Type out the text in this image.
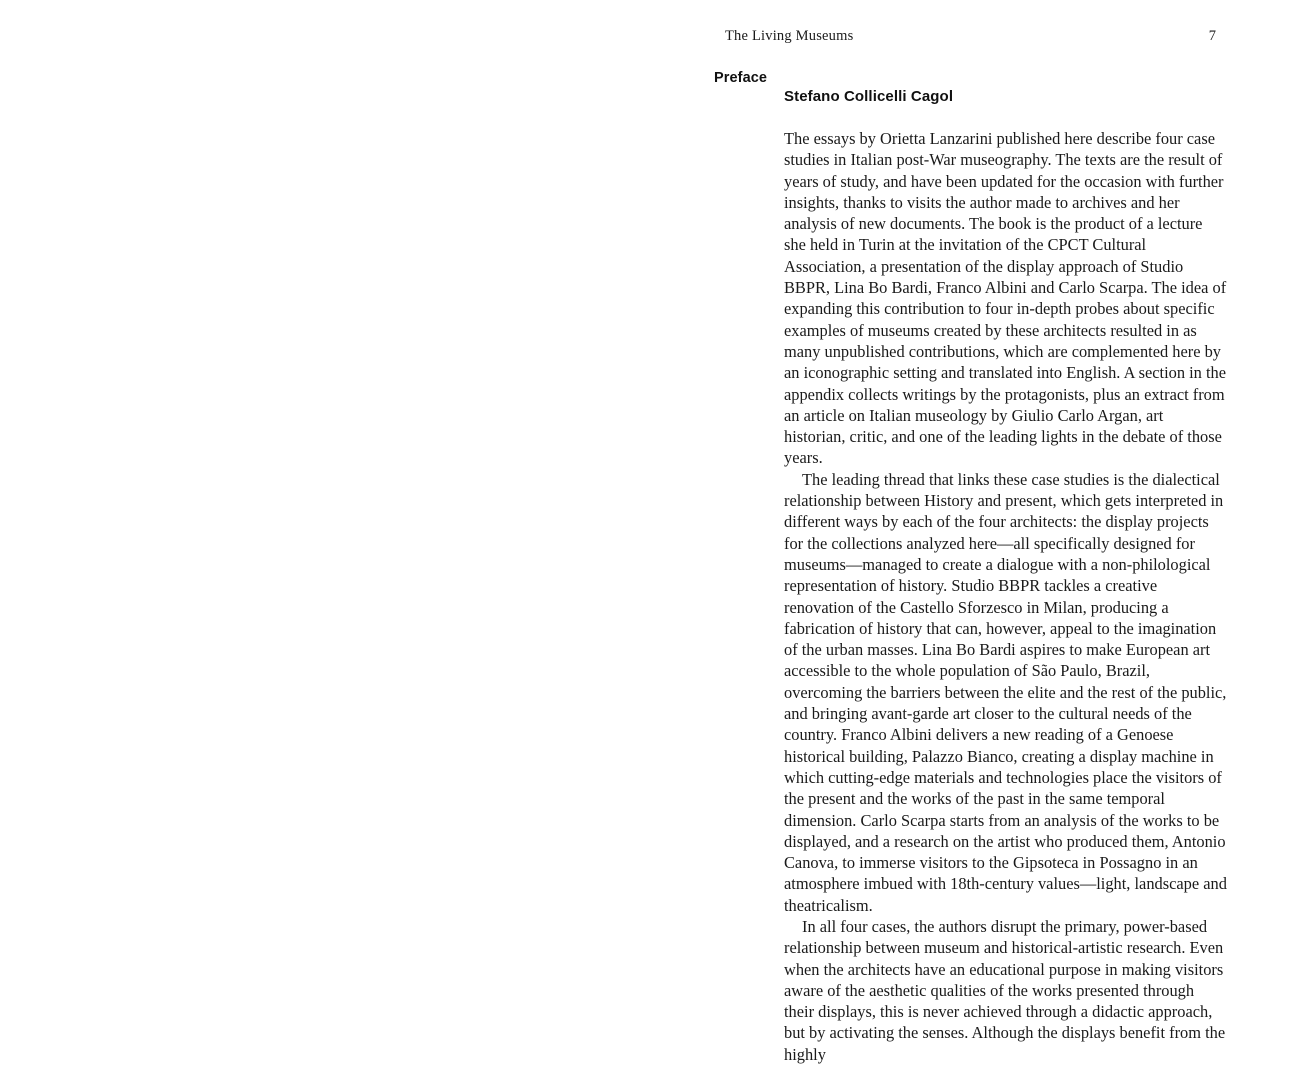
The Living Museums	7
Preface
Stefano Collicelli Cagol

The essays by Orietta Lanzarini published here describe four case studies in Italian post-War museography. The texts are the result of years of study, and have been updated for the occasion with further insights, thanks to visits the author made to archives and her analysis of new documents. The book is the product of a lecture she held in Turin at the invitation of the CPCT Cultural Association, a presentation of the display approach of Studio BBPR, Lina Bo Bardi, Franco Albini and Carlo Scarpa. The idea of expanding this contribution to four in-depth probes about specific examples of museums created by these architects resulted in as many unpublished contributions, which are complemented here by an iconographic setting and translated into English. A section in the appendix collects writings by the protagonists, plus an extract from an article on Italian museology by Giulio Carlo Argan, art historian, critic, and one of the leading lights in the debate of those years.

The leading thread that links these case studies is the dialectical relationship between History and present, which gets interpreted in different ways by each of the four architects: the display projects for the collections analyzed here—all specifically designed for museums—managed to create a dialogue with a non-philological representation of history. Studio BBPR tackles a creative renovation of the Castello Sforzesco in Milan, producing a fabrication of history that can, however, appeal to the imagination of the urban masses. Lina Bo Bardi aspires to make European art accessible to the whole population of São Paulo, Brazil, overcoming the barriers between the elite and the rest of the public, and bringing avant-garde art closer to the cultural needs of the country. Franco Albini delivers a new reading of a Genoese historical building, Palazzo Bianco, creating a display machine in which cutting-edge materials and technologies place the visitors of the present and the works of the past in the same temporal dimension. Carlo Scarpa starts from an analysis of the works to be displayed, and a research on the artist who produced them, Antonio Canova, to immerse visitors to the Gipsoteca in Possagno in an atmosphere imbued with 18th-century values—light, landscape and theatricalism.

In all four cases, the authors disrupt the primary, power-based relationship between museum and historical-artistic research. Even when the architects have an educational purpose in making visitors aware of the aesthetic qualities of the works presented through their displays, this is never achieved through a didactic approach, but by activating the senses. Although the displays benefit from the highly
